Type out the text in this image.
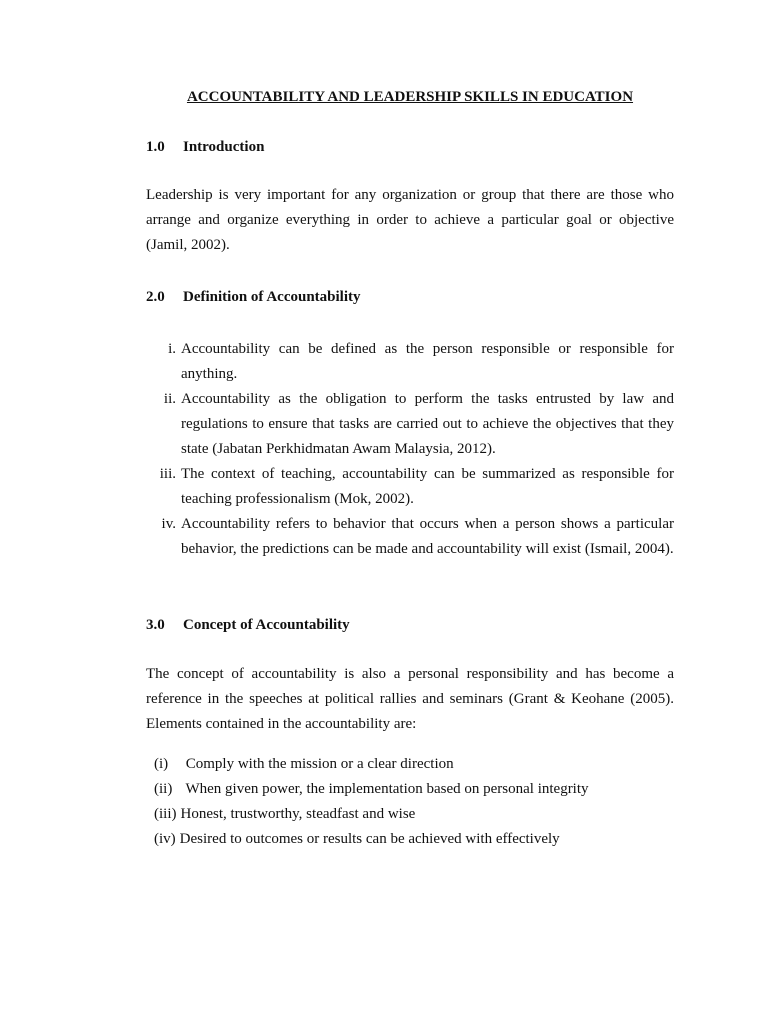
ACCOUNTABILITY AND LEADERSHIP SKILLS IN EDUCATION
1.0 Introduction

Leadership is very important for any organization or group that there are those who arrange and organize everything in order to achieve a particular goal or objective (Jamil, 2002).

2.0 Definition of Accountability
i. Accountability can be defined as the person responsible or responsible for anything.
ii. Accountability as the obligation to perform the tasks entrusted by law and regulations to ensure that tasks are carried out to achieve the objectives that they state (Jabatan Perkhidmatan Awam Malaysia, 2012).
iii. The context of teaching, accountability can be summarized as responsible for teaching professionalism (Mok, 2002).
iv. Accountability refers to behavior that occurs when a person shows a particular behavior, the predictions can be made and accountability will exist (Ismail, 2004).
3.0 Concept of Accountability

The concept of accountability is also a personal responsibility and has become a reference in the speeches at political rallies and seminars (Grant & Keohane (2005). Elements contained in the accountability are:

(i) Comply with the mission or a clear direction
(ii) When given power, the implementation based on personal integrity
(iii) Honest, trustworthy, steadfast and wise
(iv) Desired to outcomes or results can be achieved with effectively
